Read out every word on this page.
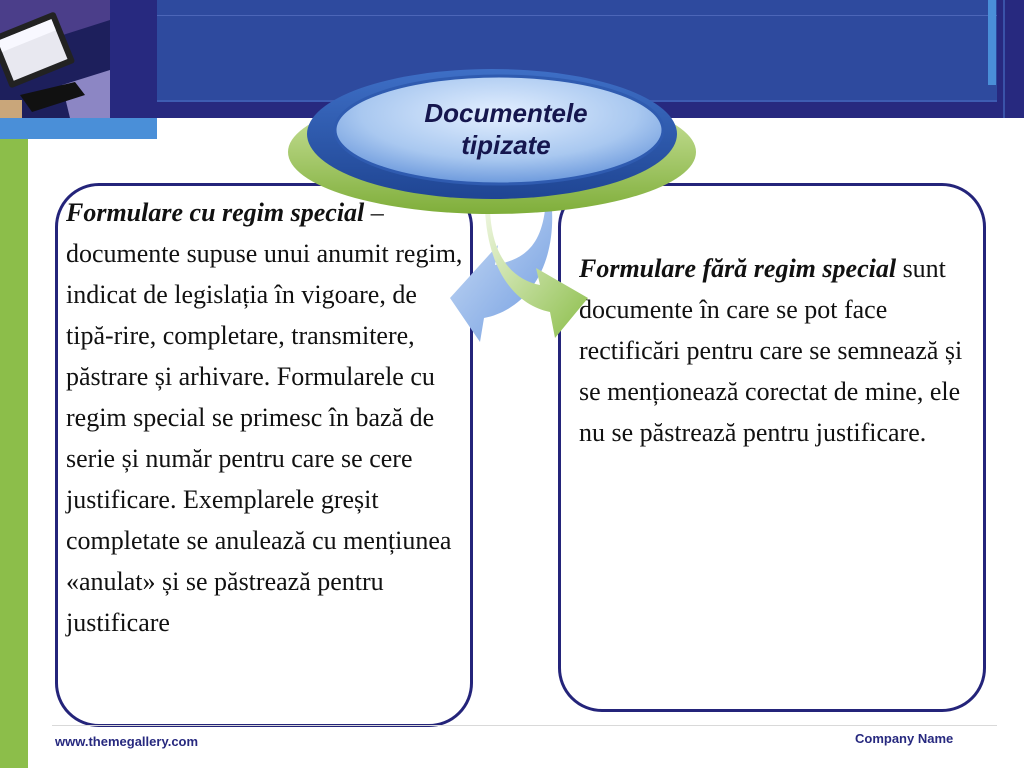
Documentele
tipizate
Formulare cu regim special – documente supuse unui anumit regim, indicat de legislația în vigoare, de tipă-rire, completare, transmitere, păstrare și arhivare. Formularele cu regim special se primesc în bază de serie și număr pentru care se cere justificare. Exemplarele greșit completate se anulează cu mențiunea «anulat» și se păstrează pentru justificare
Formulare fără regim special sunt documente în care se pot face rectificări pentru care se semnează și se menționează corectat de mine, ele nu se păstrează pentru justificare.
www.themegallery.com	Company Name
